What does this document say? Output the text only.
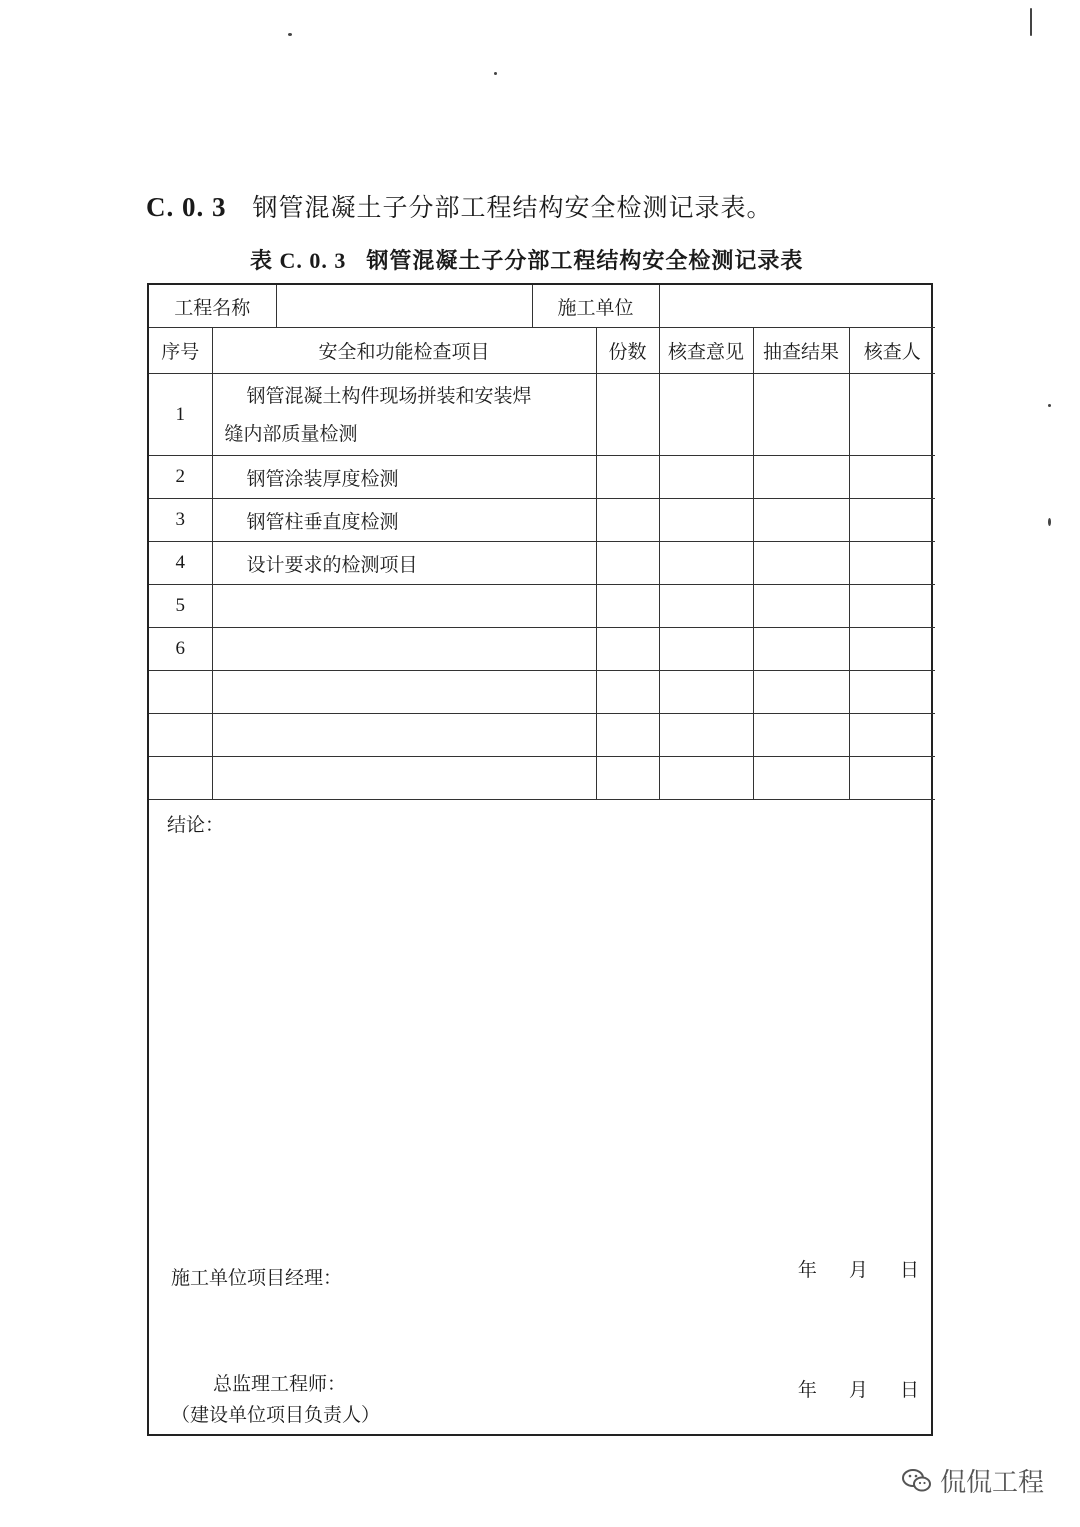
C. 0. 3 钢管混凝土子分部工程结构安全检测记录表。
表 C. 0. 3 钢管混凝土子分部工程结构安全检测记录表
工程名称			施工单位				
序号	安全和功能检查项目			份数	核查意见	抽查结果	核查人
1	钢管混凝土构件现场拼装和安装焊
缝内部质量检测						

2	钢管涂装厚度检测						
3	钢管柱垂直度检测						
4	设计要求的检测项目						
5							
6							

结论：
施工单位项目经理：	年 月 日
总监理工程师：
（建设单位项目负责人）
年 月 日
侃侃工程
